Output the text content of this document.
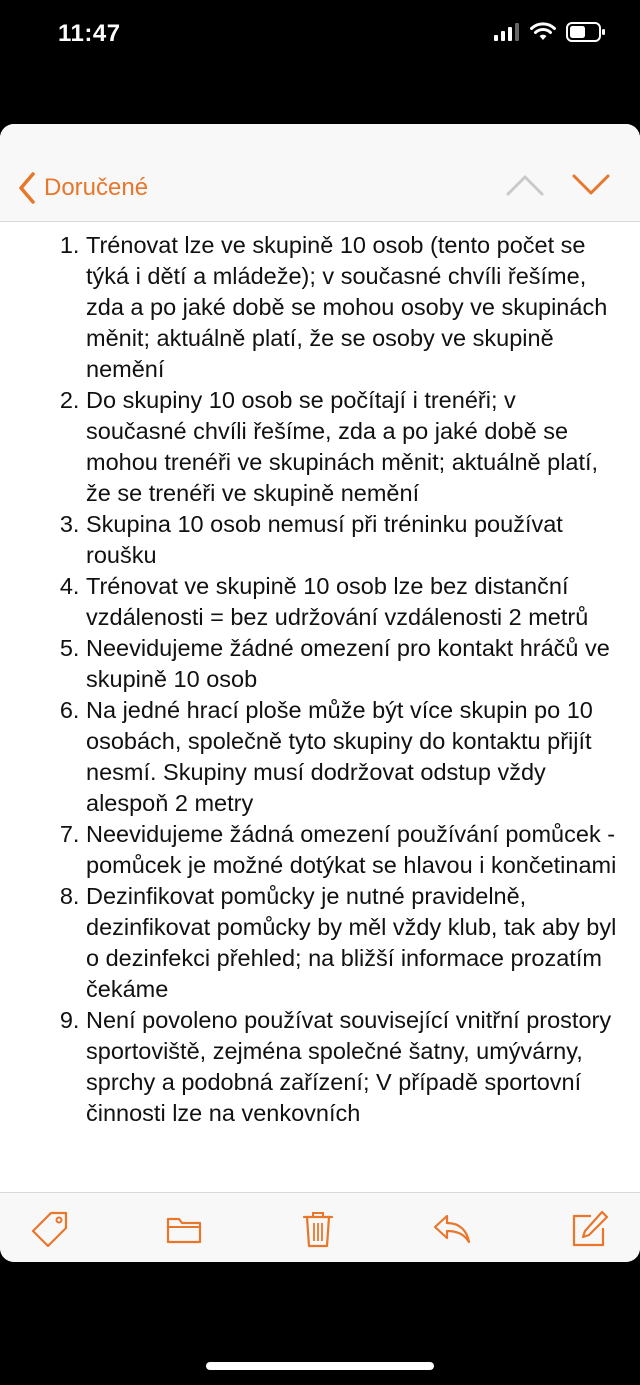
11:47
Doručené
1. Trénovat lze ve skupině 10 osob (tento počet se týká i dětí a mládeže); v současné chvíli řešíme, zda a po jaké době se mohou osoby ve skupinách měnit; aktuálně platí, že se osoby ve skupině nemění
2. Do skupiny 10 osob se počítají i trenéři; v současné chvíli řešíme, zda a po jaké době se mohou trenéři ve skupinách měnit; aktuálně platí, že se trenéři ve skupině nemění
3. Skupina 10 osob nemusí při tréninku používat roušku
4. Trénovat ve skupině 10 osob lze bez distanční vzdálenosti = bez udržování vzdálenosti 2 metrů
5. Neevidujeme žádné omezení pro kontakt hráčů ve skupině 10 osob
6. Na jedné hrací ploše může být více skupin po 10 osobách, společně tyto skupiny do kontaktu přijít nesmí. Skupiny musí dodržovat odstup vždy alespoň 2 metry
7. Neevidujeme žádná omezení používání pomůcek - pomůcek je možné dotýkat se hlavou i končetinami
8. Dezinfikovat pomůcky je nutné pravidelně, dezinfikovat pomůcky by měl vždy klub, tak aby byl o dezinfekci přehled; na bližší informace prozatím čekáme
9. Není povoleno používat související vnitřní prostory sportoviště, zejména společné šatny, umývárny, sprchy a podobná zařízení; V případě sportovní činnosti lze na venkovních
